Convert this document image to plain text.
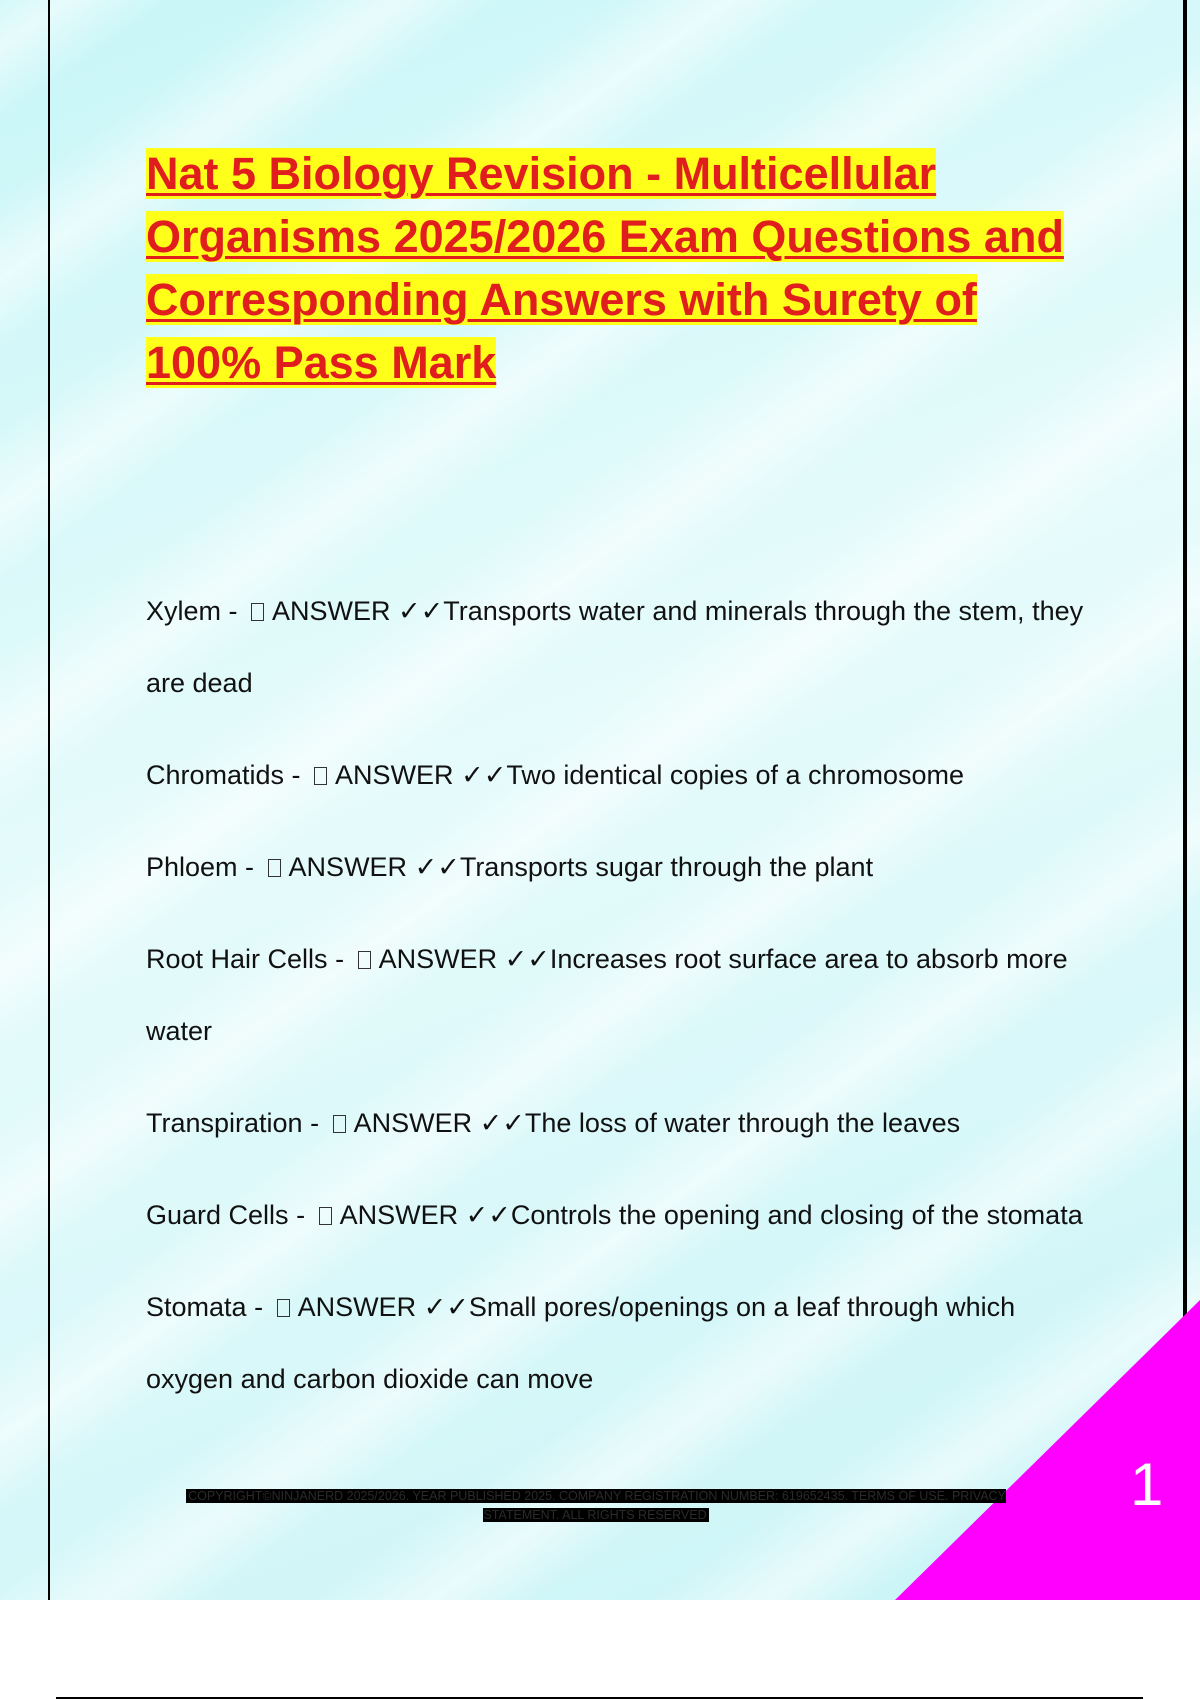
Nat 5 Biology Revision - Multicellular Organisms 2025/2026 Exam Questions and Corresponding Answers with Surety of 100% Pass Mark
Xylem - ANSWER ✓✓Transports water and minerals through the stem, they are dead
Chromatids - ANSWER ✓✓Two identical copies of a chromosome
Phloem - ANSWER ✓✓Transports sugar through the plant
Root Hair Cells - ANSWER ✓✓Increases root surface area to absorb more water
Transpiration - ANSWER ✓✓The loss of water through the leaves
Guard Cells - ANSWER ✓✓Controls the opening and closing of the stomata
Stomata - ANSWER ✓✓Small pores/openings on a leaf through which oxygen and carbon dioxide can move
1
COPYRIGHT©NINJANERD 2025/2026. YEAR PUBLISHED 2025. COMPANY REGISTRATION NUMBER: 619652435. TERMS OF USE. PRIVACY STATEMENT. ALL RIGHTS RESERVED
